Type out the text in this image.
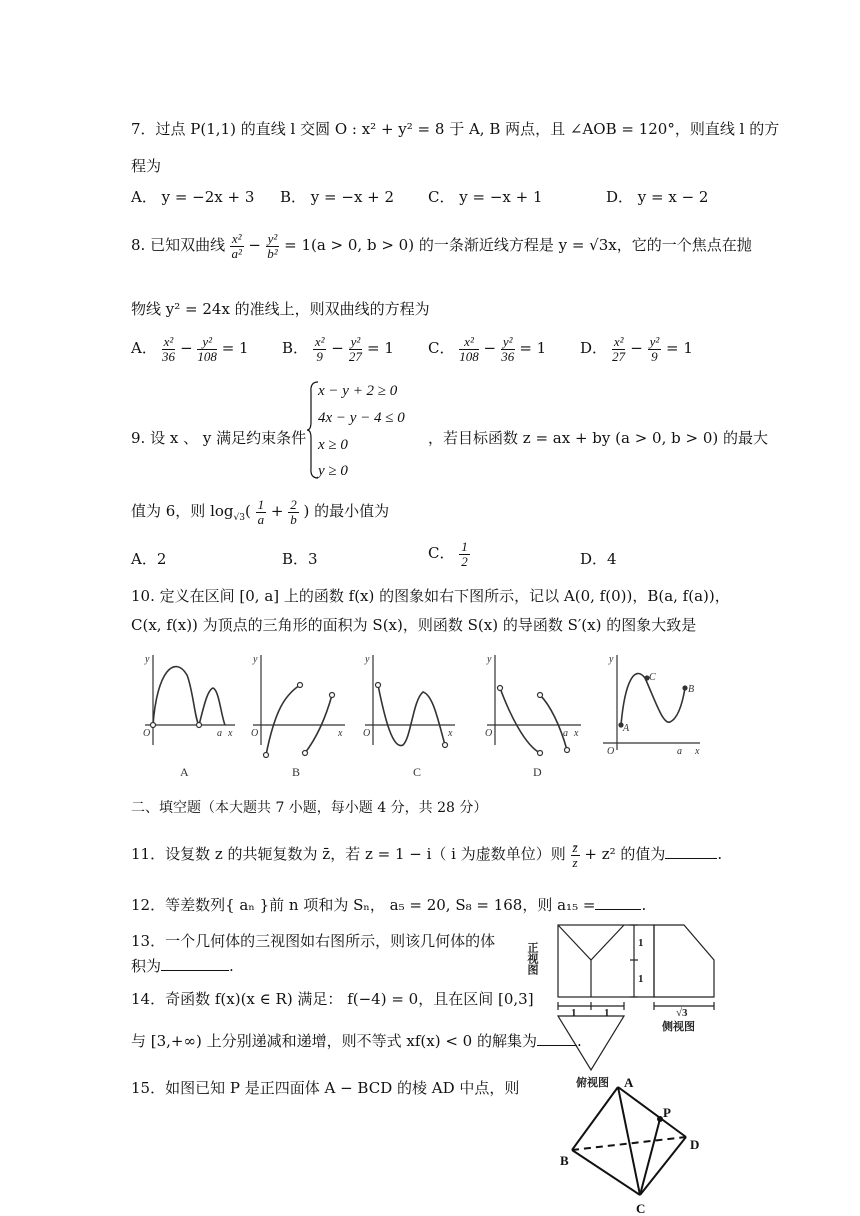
7．过点 P(1,1) 的直线 l 交圆 O : x² + y² = 8 于 A, B 两点，且 ∠AOB = 120°，则直线 l 的方
程为
A． y = −2x + 3 B． y = −x + 2 C． y = −x + 1	D． y = x − 2
8. 已知双曲线 $\frac{\text{x²}}{\text{a²}} - \frac{\text{y²}}{\text{b²}} = 1(a > 0$, b > 0) 的一条渐近线方程是 y = √3x，它的一个焦点在抛
物线 y² = 24x 的准线上，则双曲线的方程为
A． $\frac{\text{x²}}{36} - \frac{\text{y²}}{108} = 1$ B． $\frac{\text{x²}}{9} - \frac{\text{y²}}{27} = 1$ C． $\frac{\text{x²}}{108} - \frac{\text{y²}}{36} = 1$ D． $\frac{\text{x²}}{27} - \frac{\text{y²}}{9} = 1$
9. 设 x 、 y 满足约束条件
x − y + 2 ≥ 0
4x − y − 4 ≤ 0
x ≥ 0
y ≥ 0
，若目标函数 z = ax + by (a > 0, b > 0) 的最大
值为 6，则 $\log_{√3}( \frac{1}{a} + \frac{2}{b}$ ) 的最小值为
A．2	B．3	C． $\frac{1}{2}$	D．4
10. 定义在区间 [0, a] 上的函数 f(x) 的图象如右下图所示，记以 A(0, f(0))，B(a, f(a))，
C(x, f(x)) 为顶点的三角形的面积为 S(x)，则函数 S(x) 的导函数 S′(x) 的图象大致是
y
O	a x
y
O	x
y
O	x
y
O	a x
y
O	a x
A
B
C
A	B	C	D
二、填空题（本大题共 7 小题，每小题 4 分，共 28 分）
11．设复数 z 的共轭复数为 z̄，若 z = 1 − i（ i 为虚数单位）则 $\frac{z̄}{z} + z^2$ 的值为	.
12．等差数列{ aₙ }前 n 项和为 Sₙ， a₅ = 20, S₈ = 168，则 a₁₅ =	.
13．一个几何体的三视图如右图所示，则该几何体的体
积为	.
14．奇函数 f(x)(x ∈ R) 满足： f(−4) = 0，且在区间 [0,3]
与 [3,+∞) 上分别递减和递增，则不等式 xf(x) < 0 的解集为	.
15．如图已知 P 是正四面体 A − BCD 的棱 AD 中点，则
正视图	1
1
1	1	√3
侧视图
俯视图 A
B
C
D
P
